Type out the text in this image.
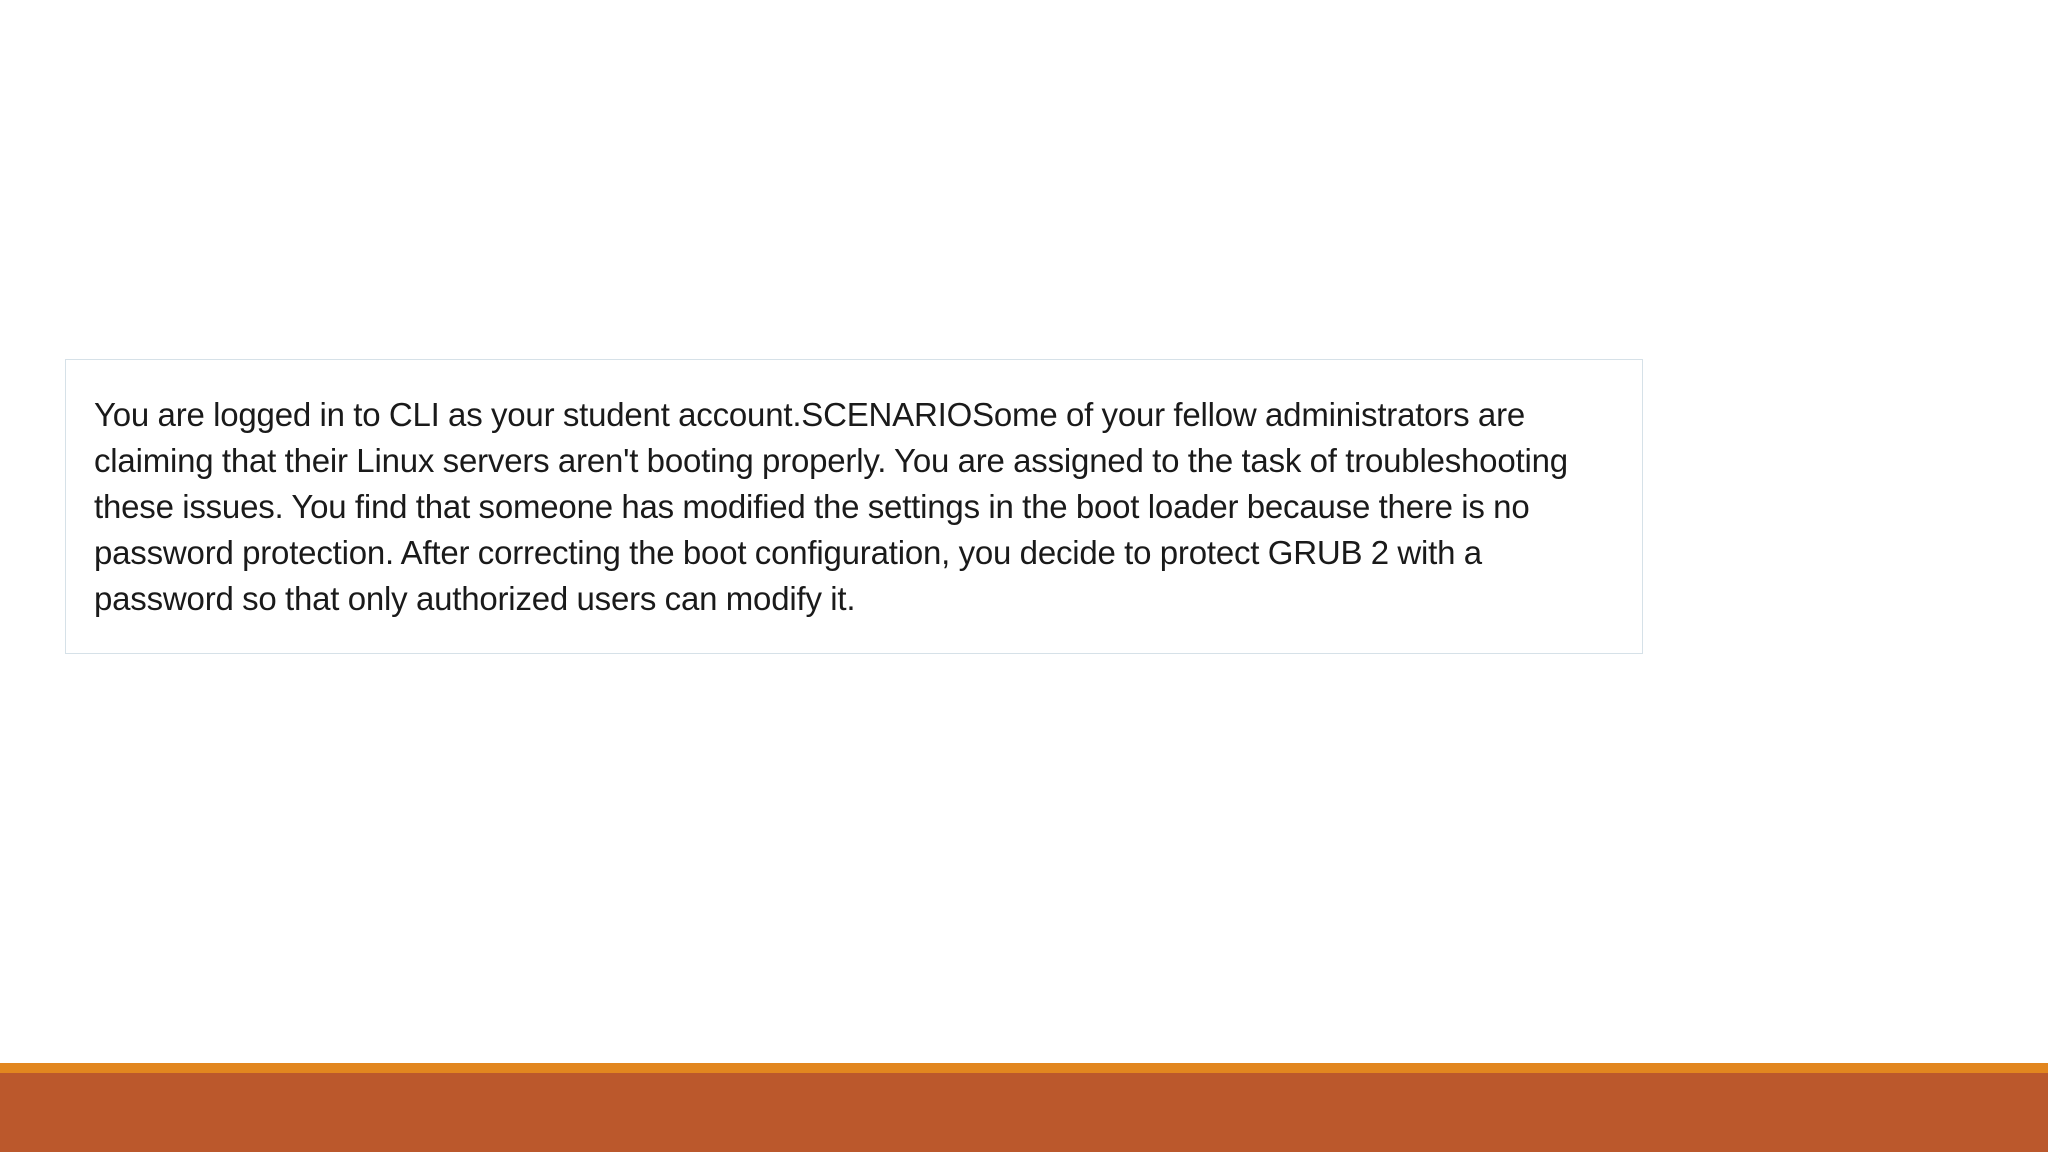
You are logged in to CLI as your student account.SCENARIOSome of your fellow administrators are claiming that their Linux servers aren't booting properly. You are assigned to the task of troubleshooting these issues. You find that someone has modified the settings in the boot loader because there is no password protection. After correcting the boot configuration, you decide to protect GRUB 2 with a password so that only authorized users can modify it.
